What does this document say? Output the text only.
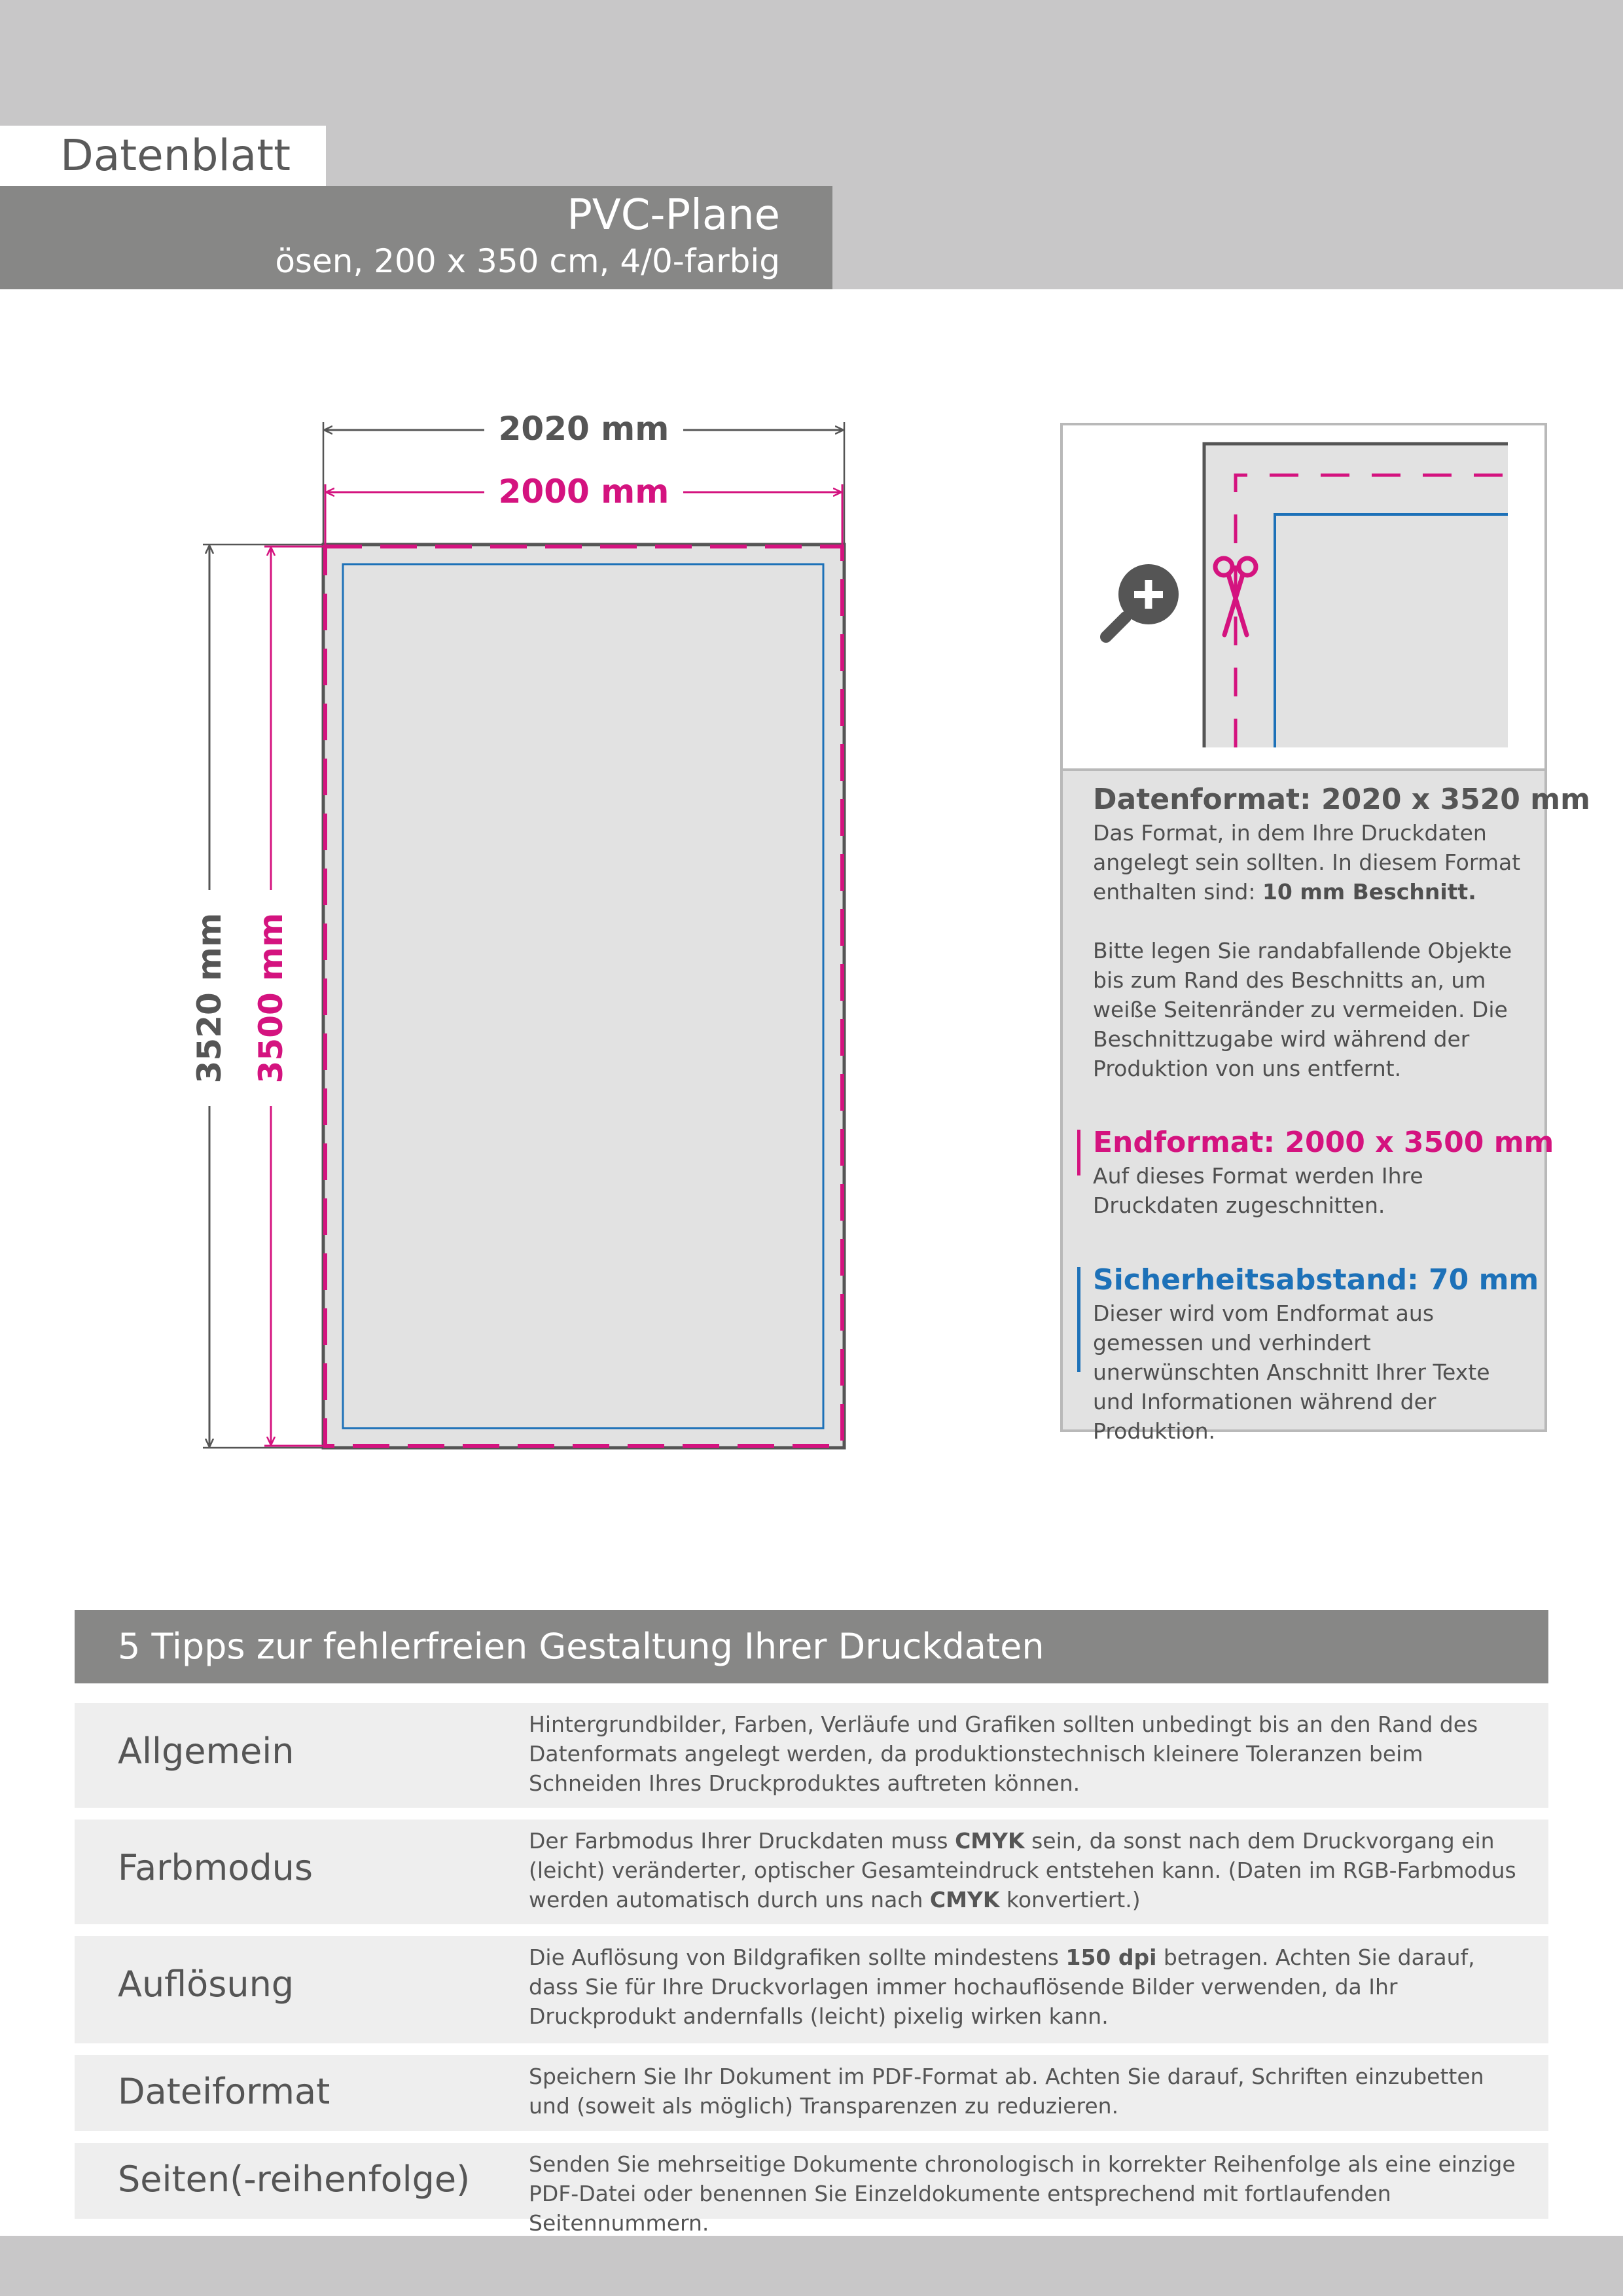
Datenblatt
PVC-Plane
ösen, 200 x 350 cm, 4/0-farbig
2020 mm
2000 mm
3520 mm 3500 mm
Datenformat: 2020 x 3520 mm
Das Format, in dem Ihre Druckdaten angelegt sein sollten. In diesem Format enthalten sind: 10 mm Beschnitt.
Bitte legen Sie randabfallende Objekte bis zum Rand des Beschnitts an, um weiße Seitenränder zu vermeiden. Die Beschnittzugabe wird während der Produktion von uns entfernt.
Endformat: 2000 x 3500 mm
Auf dieses Format werden Ihre Druckdaten zugeschnitten.
Sicherheitsabstand: 70 mm
Dieser wird vom Endformat aus gemessen und verhindert unerwünschten Anschnitt Ihrer Texte und Informationen während der Produktion.
5 Tipps zur fehlerfreien Gestaltung Ihrer Druckdaten
Allgemein
Hintergrundbilder, Farben, Verläufe und Grafiken sollten unbedingt bis an den Rand des Datenformats angelegt werden, da produktionstechnisch kleinere Toleranzen beim Schneiden Ihres Druckproduktes auftreten können.
Farbmodus
Der Farbmodus Ihrer Druckdaten muss CMYK sein, da sonst nach dem Druckvorgang ein (leicht) veränderter, optischer Gesamteindruck entstehen kann. (Daten im RGB-Farbmodus werden automatisch durch uns nach CMYK konvertiert.)
Auflösung
Die Auflösung von Bildgrafiken sollte mindestens 150 dpi betragen. Achten Sie darauf, dass Sie für Ihre Druckvorlagen immer hochauflösende Bilder verwenden, da Ihr Druckprodukt andernfalls (leicht) pixelig wirken kann.
Dateiformat	Speichern Sie Ihr Dokument im PDF-Format ab. Achten Sie darauf, Schriften einzubetten und (soweit als möglich) Transparenzen zu reduzieren.
Seiten(-reihenfolge)	Senden Sie mehrseitige Dokumente chronologisch in korrekter Reihenfolge als eine einzige PDF-Datei oder benennen Sie Einzeldokumente entsprechend mit fortlaufenden Seitennummern.
